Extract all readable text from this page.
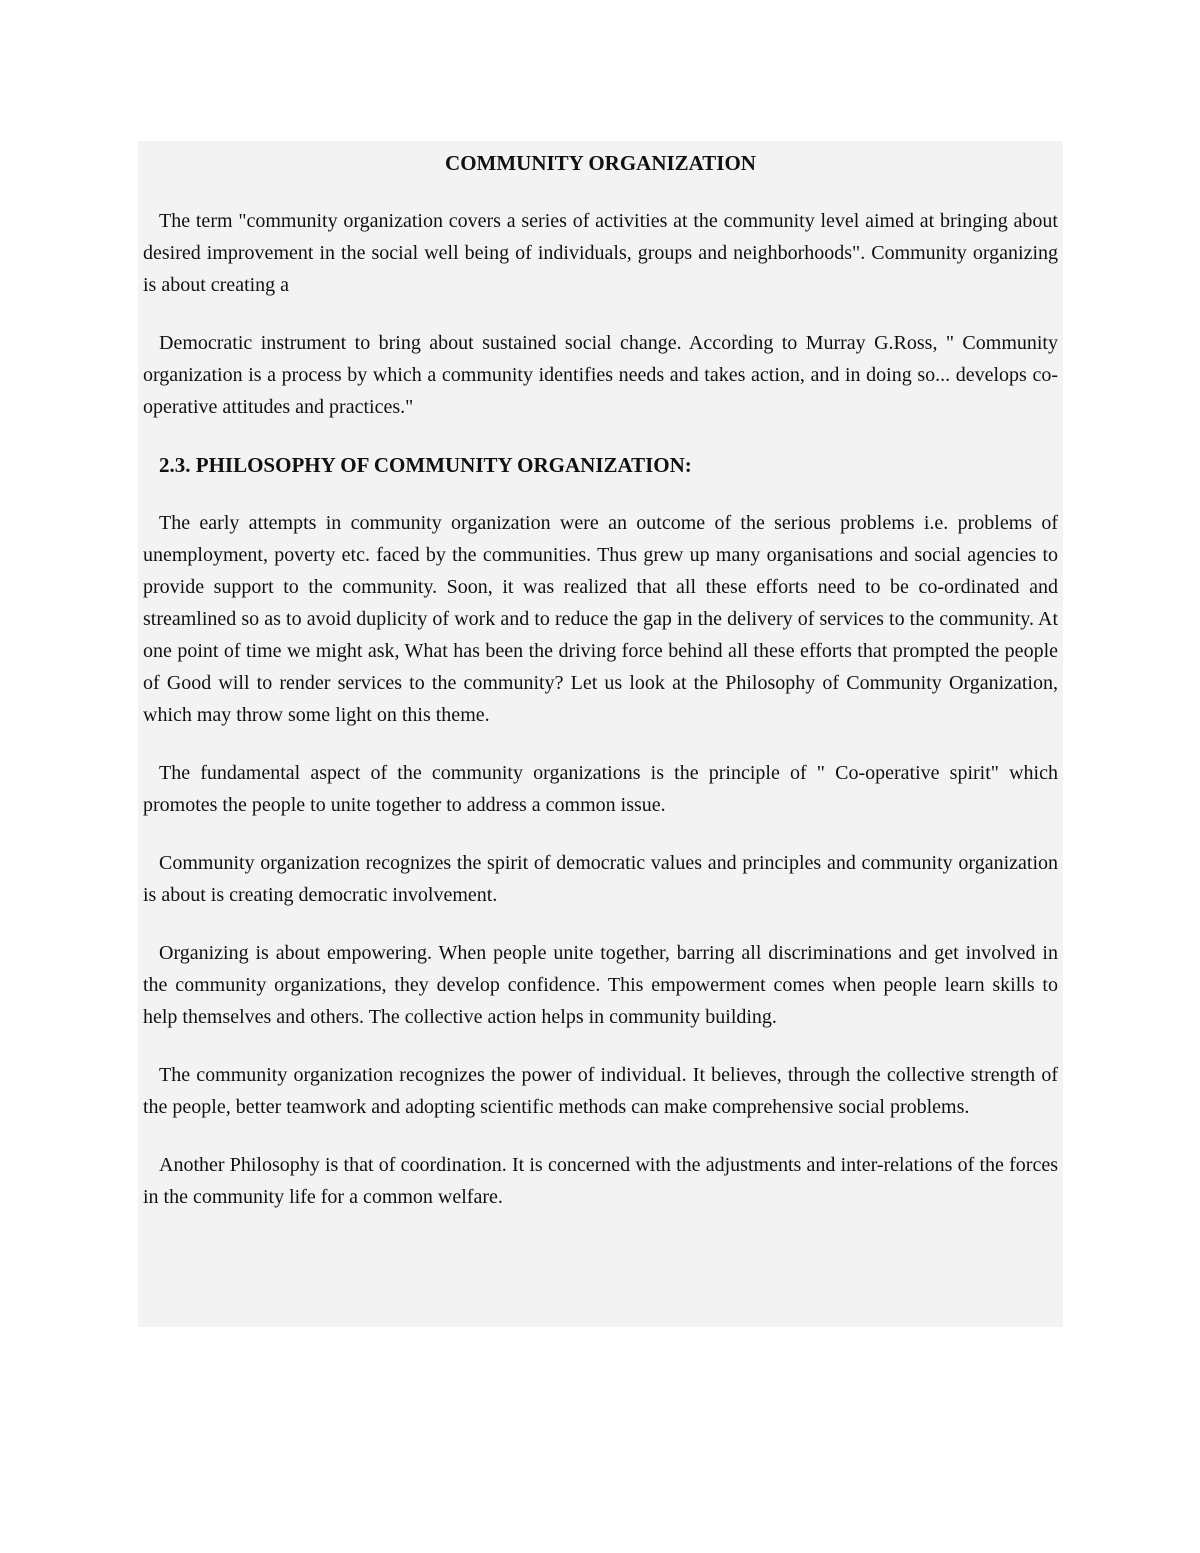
COMMUNITY ORGANIZATION

The term "community organization covers a series of activities at the community level aimed at bringing about desired improvement in the social well being of individuals, groups and neighborhoods". Community organizing is about creating a

Democratic instrument to bring about sustained social change. According to Murray G.Ross, " Community organization is a process by which a community identifies needs and takes action, and in doing so... develops co-operative attitudes and practices."

2.3. PHILOSOPHY OF COMMUNITY ORGANIZATION:

The early attempts in community organization were an outcome of the serious problems i.e. problems of unemployment, poverty etc. faced by the communities. Thus grew up many organisations and social agencies to provide support to the community. Soon, it was realized that all these efforts need to be co-ordinated and streamlined so as to avoid duplicity of work and to reduce the gap in the delivery of services to the community. At one point of time we might ask, What has been the driving force behind all these efforts that prompted the people of Good will to render services to the community? Let us look at the Philosophy of Community Organization, which may throw some light on this theme.

The fundamental aspect of the community organizations is the principle of " Co-operative spirit" which promotes the people to unite together to address a common issue.

Community organization recognizes the spirit of democratic values and principles and community organization is about is creating democratic involvement.

Organizing is about empowering. When people unite together, barring all discriminations and get involved in the community organizations, they develop confidence. This empowerment comes when people learn skills to help themselves and others. The collective action helps in community building.

The community organization recognizes the power of individual. It believes, through the collective strength of the people, better teamwork and adopting scientific methods can make comprehensive social problems.

Another Philosophy is that of coordination. It is concerned with the adjustments and inter-relations of the forces in the community life for a common welfare.
